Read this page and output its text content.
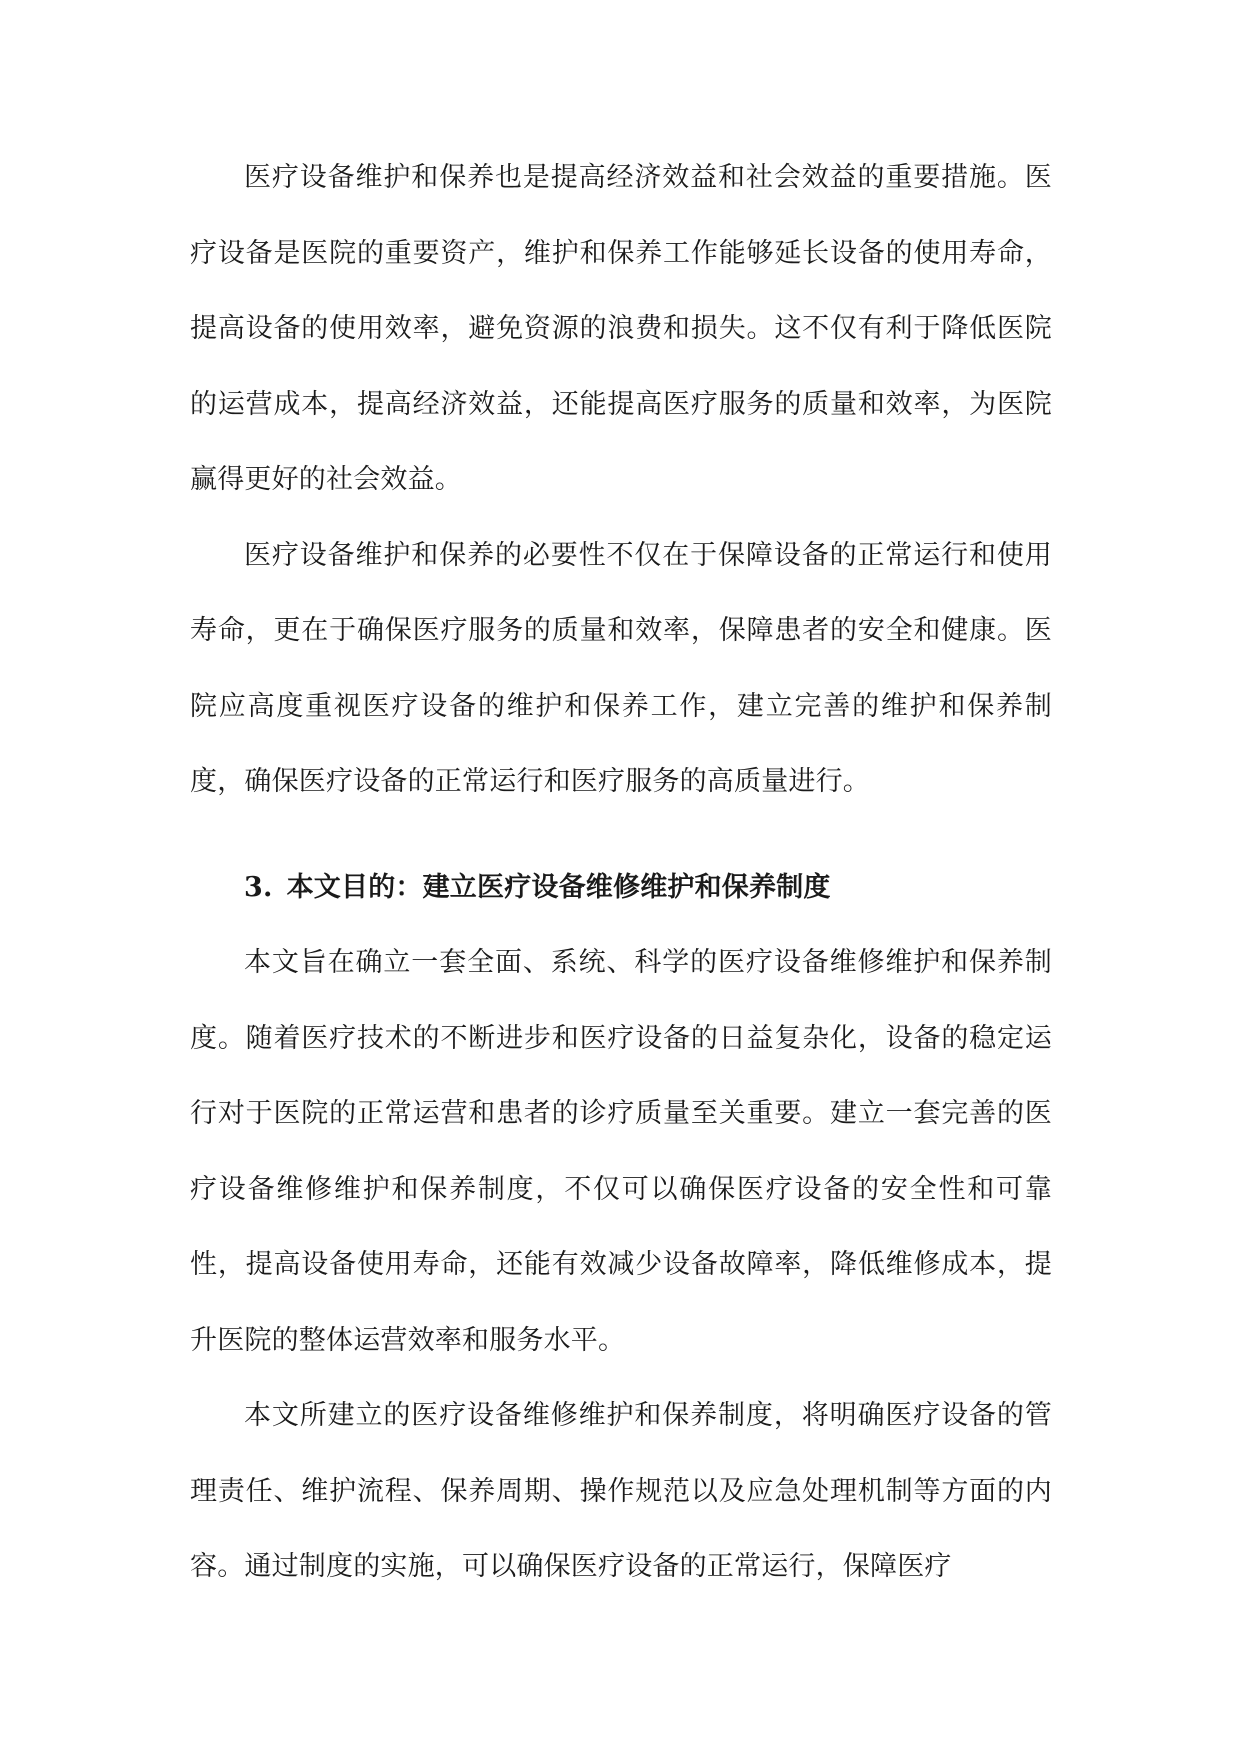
医疗设备维护和保养也是提高经济效益和社会效益的重要措施。医疗设备是医院的重要资产，维护和保养工作能够延长设备的使用寿命，提高设备的使用效率，避免资源的浪费和损失。这不仅有利于降低医院的运营成本，提高经济效益，还能提高医疗服务的质量和效率，为医院赢得更好的社会效益。

医疗设备维护和保养的必要性不仅在于保障设备的正常运行和使用寿命，更在于确保医疗服务的质量和效率，保障患者的安全和健康。医院应高度重视医疗设备的维护和保养工作，建立完善的维护和保养制度，确保医疗设备的正常运行和医疗服务的高质量进行。

3. 本文目的：建立医疗设备维修维护和保养制度

本文旨在确立一套全面、系统、科学的医疗设备维修维护和保养制度。随着医疗技术的不断进步和医疗设备的日益复杂化，设备的稳定运行对于医院的正常运营和患者的诊疗质量至关重要。建立一套完善的医疗设备维修维护和保养制度，不仅可以确保医疗设备的安全性和可靠性，提高设备使用寿命，还能有效减少设备故障率，降低维修成本，提升医院的整体运营效率和服务水平。

本文所建立的医疗设备维修维护和保养制度，将明确医疗设备的管理责任、维护流程、保养周期、操作规范以及应急处理机制等方面的内容。通过制度的实施，可以确保医疗设备的正常运行，保障医疗
